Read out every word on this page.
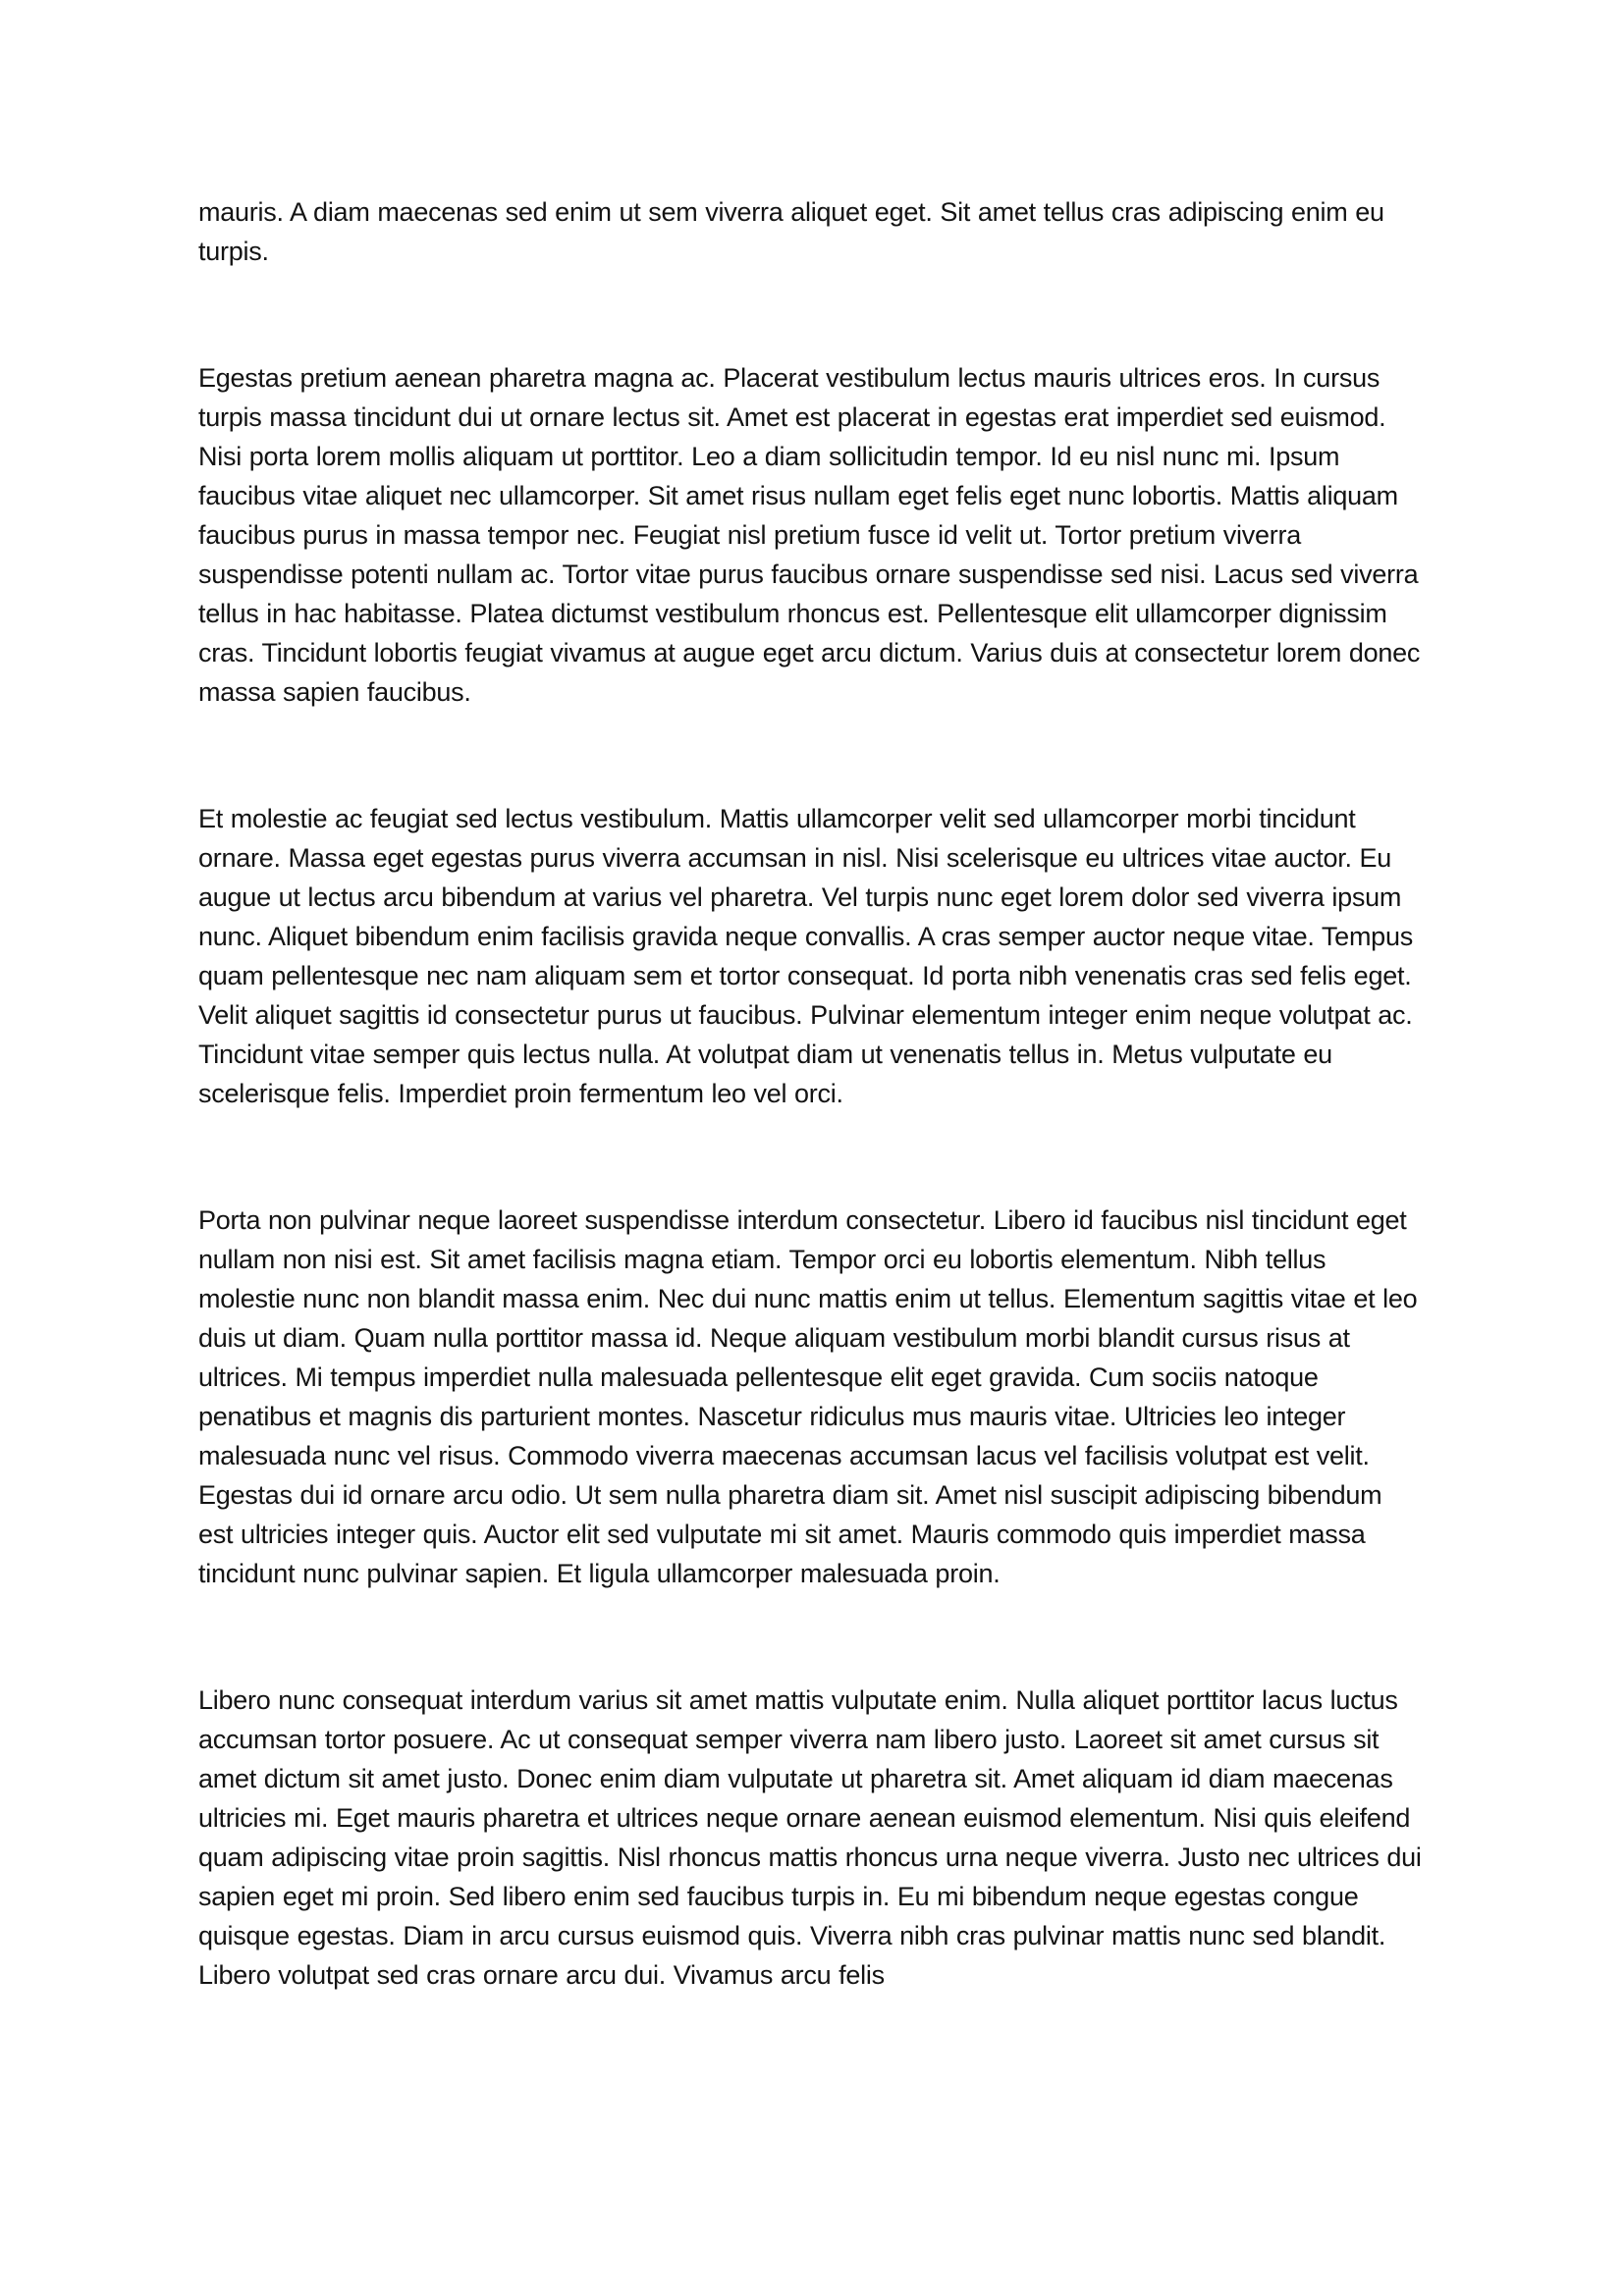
mauris. A diam maecenas sed enim ut sem viverra aliquet eget. Sit amet tellus cras adipiscing enim eu turpis.

Egestas pretium aenean pharetra magna ac. Placerat vestibulum lectus mauris ultrices eros. In cursus turpis massa tincidunt dui ut ornare lectus sit. Amet est placerat in egestas erat imperdiet sed euismod. Nisi porta lorem mollis aliquam ut porttitor. Leo a diam sollicitudin tempor. Id eu nisl nunc mi. Ipsum faucibus vitae aliquet nec ullamcorper. Sit amet risus nullam eget felis eget nunc lobortis. Mattis aliquam faucibus purus in massa tempor nec. Feugiat nisl pretium fusce id velit ut. Tortor pretium viverra suspendisse potenti nullam ac. Tortor vitae purus faucibus ornare suspendisse sed nisi. Lacus sed viverra tellus in hac habitasse. Platea dictumst vestibulum rhoncus est. Pellentesque elit ullamcorper dignissim cras. Tincidunt lobortis feugiat vivamus at augue eget arcu dictum. Varius duis at consectetur lorem donec massa sapien faucibus.

Et molestie ac feugiat sed lectus vestibulum. Mattis ullamcorper velit sed ullamcorper morbi tincidunt ornare. Massa eget egestas purus viverra accumsan in nisl. Nisi scelerisque eu ultrices vitae auctor. Eu augue ut lectus arcu bibendum at varius vel pharetra. Vel turpis nunc eget lorem dolor sed viverra ipsum nunc. Aliquet bibendum enim facilisis gravida neque convallis. A cras semper auctor neque vitae. Tempus quam pellentesque nec nam aliquam sem et tortor consequat. Id porta nibh venenatis cras sed felis eget. Velit aliquet sagittis id consectetur purus ut faucibus. Pulvinar elementum integer enim neque volutpat ac. Tincidunt vitae semper quis lectus nulla. At volutpat diam ut venenatis tellus in. Metus vulputate eu scelerisque felis. Imperdiet proin fermentum leo vel orci.

Porta non pulvinar neque laoreet suspendisse interdum consectetur. Libero id faucibus nisl tincidunt eget nullam non nisi est. Sit amet facilisis magna etiam. Tempor orci eu lobortis elementum. Nibh tellus molestie nunc non blandit massa enim. Nec dui nunc mattis enim ut tellus. Elementum sagittis vitae et leo duis ut diam. Quam nulla porttitor massa id. Neque aliquam vestibulum morbi blandit cursus risus at ultrices. Mi tempus imperdiet nulla malesuada pellentesque elit eget gravida. Cum sociis natoque penatibus et magnis dis parturient montes. Nascetur ridiculus mus mauris vitae. Ultricies leo integer malesuada nunc vel risus. Commodo viverra maecenas accumsan lacus vel facilisis volutpat est velit. Egestas dui id ornare arcu odio. Ut sem nulla pharetra diam sit. Amet nisl suscipit adipiscing bibendum est ultricies integer quis. Auctor elit sed vulputate mi sit amet. Mauris commodo quis imperdiet massa tincidunt nunc pulvinar sapien. Et ligula ullamcorper malesuada proin.

Libero nunc consequat interdum varius sit amet mattis vulputate enim. Nulla aliquet porttitor lacus luctus accumsan tortor posuere. Ac ut consequat semper viverra nam libero justo. Laoreet sit amet cursus sit amet dictum sit amet justo. Donec enim diam vulputate ut pharetra sit. Amet aliquam id diam maecenas ultricies mi. Eget mauris pharetra et ultrices neque ornare aenean euismod elementum. Nisi quis eleifend quam adipiscing vitae proin sagittis. Nisl rhoncus mattis rhoncus urna neque viverra. Justo nec ultrices dui sapien eget mi proin. Sed libero enim sed faucibus turpis in. Eu mi bibendum neque egestas congue quisque egestas. Diam in arcu cursus euismod quis. Viverra nibh cras pulvinar mattis nunc sed blandit. Libero volutpat sed cras ornare arcu dui. Vivamus arcu felis
